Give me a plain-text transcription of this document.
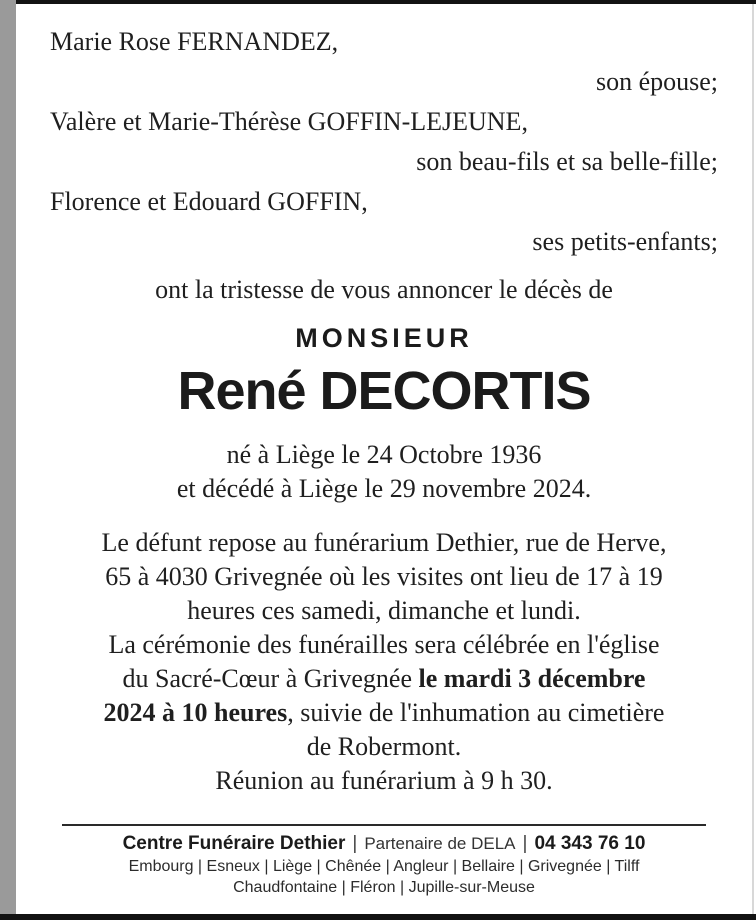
Marie Rose FERNANDEZ,
son épouse;
Valère et Marie-Thérèse GOFFIN-LEJEUNE,
son beau-fils et sa belle-fille;
Florence et Edouard GOFFIN,
ses petits-enfants;
ont la tristesse de vous annoncer le décès de
MONSIEUR
René DECORTIS
né à Liège le 24 Octobre 1936
et décédé à Liège le 29 novembre 2024.
Le défunt repose au funérarium Dethier, rue de Herve,
65 à 4030 Grivegnée où les visites ont lieu de 17 à 19
heures ces samedi, dimanche et lundi.
La cérémonie des funérailles sera célébrée en l'église
du Sacré-Cœur à Grivegnée le mardi 3 décembre
2024 à 10 heures, suivie de l'inhumation au cimetière
de Robermont.
Réunion au funérarium à 9 h 30.
Centre Funéraire Dethier | Partenaire de DELA | 04 343 76 10
Embourg | Esneux | Liège | Chênée | Angleur | Bellaire | Grivegnée | Tilff
Chaudfontaine | Fléron | Jupille-sur-Meuse
